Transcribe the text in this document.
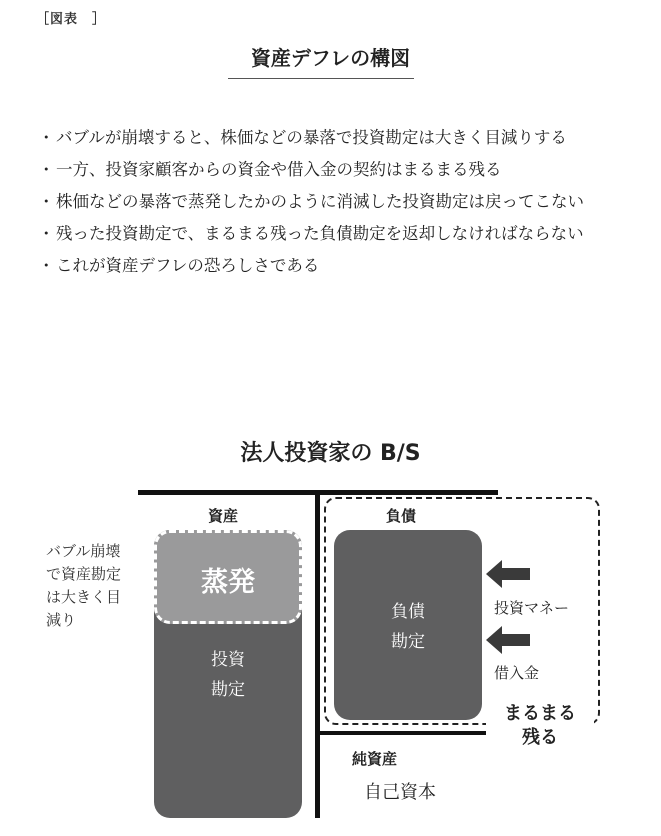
［図表　］
資産デフレの構図
・ バブルが崩壊すると、株価などの暴落で投資勘定は大きく目減りする
・ 一方、投資家顧客からの資金や借入金の契約はまるまる残る
・ 株価などの暴落で蒸発したかのように消滅した投資勘定は戻ってこない
・ 残った投資勘定で、まるまる残った負債勘定を返却しなければならない
・ これが資産デフレの恐ろしさである
法人投資家の B/S
資産
蒸発
投資
勘定
バブル崩壊
で資産勘定
は大きく目
減り
負債
負債
勘定
投資マネー
借入金
まるまる
残る
純資産
自己資本
